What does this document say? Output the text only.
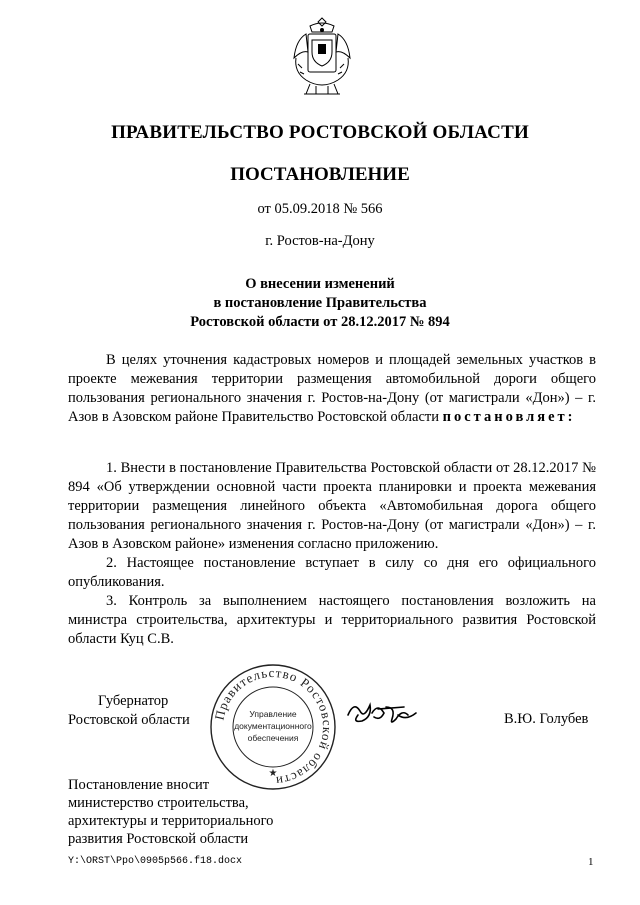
ПРАВИТЕЛЬСТВО РОСТОВСКОЙ ОБЛАСТИ
ПОСТАНОВЛЕНИЕ
от 05.09.2018 № 566
г. Ростов-на-Дону
О внесении изменений
в постановление Правительства
Ростовской области от 28.12.2017 № 894

В целях уточнения кадастровых номеров и площадей земельных участков в проекте межевания территории размещения автомобильной дороги общего пользования регионального значения г. Ростов-на-Дону (от магистрали «Дон») – г. Азов в Азовском районе Правительство Ростовской области постановляет:

1. Внести в постановление Правительства Ростовской области от 28.12.2017 № 894 «Об утверждении основной части проекта планировки и проекта межевания территории размещения линейного объекта «Автомобильная дорога общего пользования регионального значения г. Ростов-на-Дону (от магистрали «Дон») – г. Азов в Азовском районе» изменения согласно приложению.

2. Настоящее постановление вступает в силу со дня его официального опубликования.

3. Контроль за выполнением настоящего постановления возложить на министра строительства, архитектуры и территориального развития Ростовской области Куц С.В.

Губернатор
Ростовской области Правительство Ростовской области
Управление
документационного
обеспечения
★
В.Ю. Голубев
Постановление вносит
министерство строительства,
архитектуры и территориального
развития Ростовской области
Y:\ORST\Ppo\0905p566.f18.docx	1
